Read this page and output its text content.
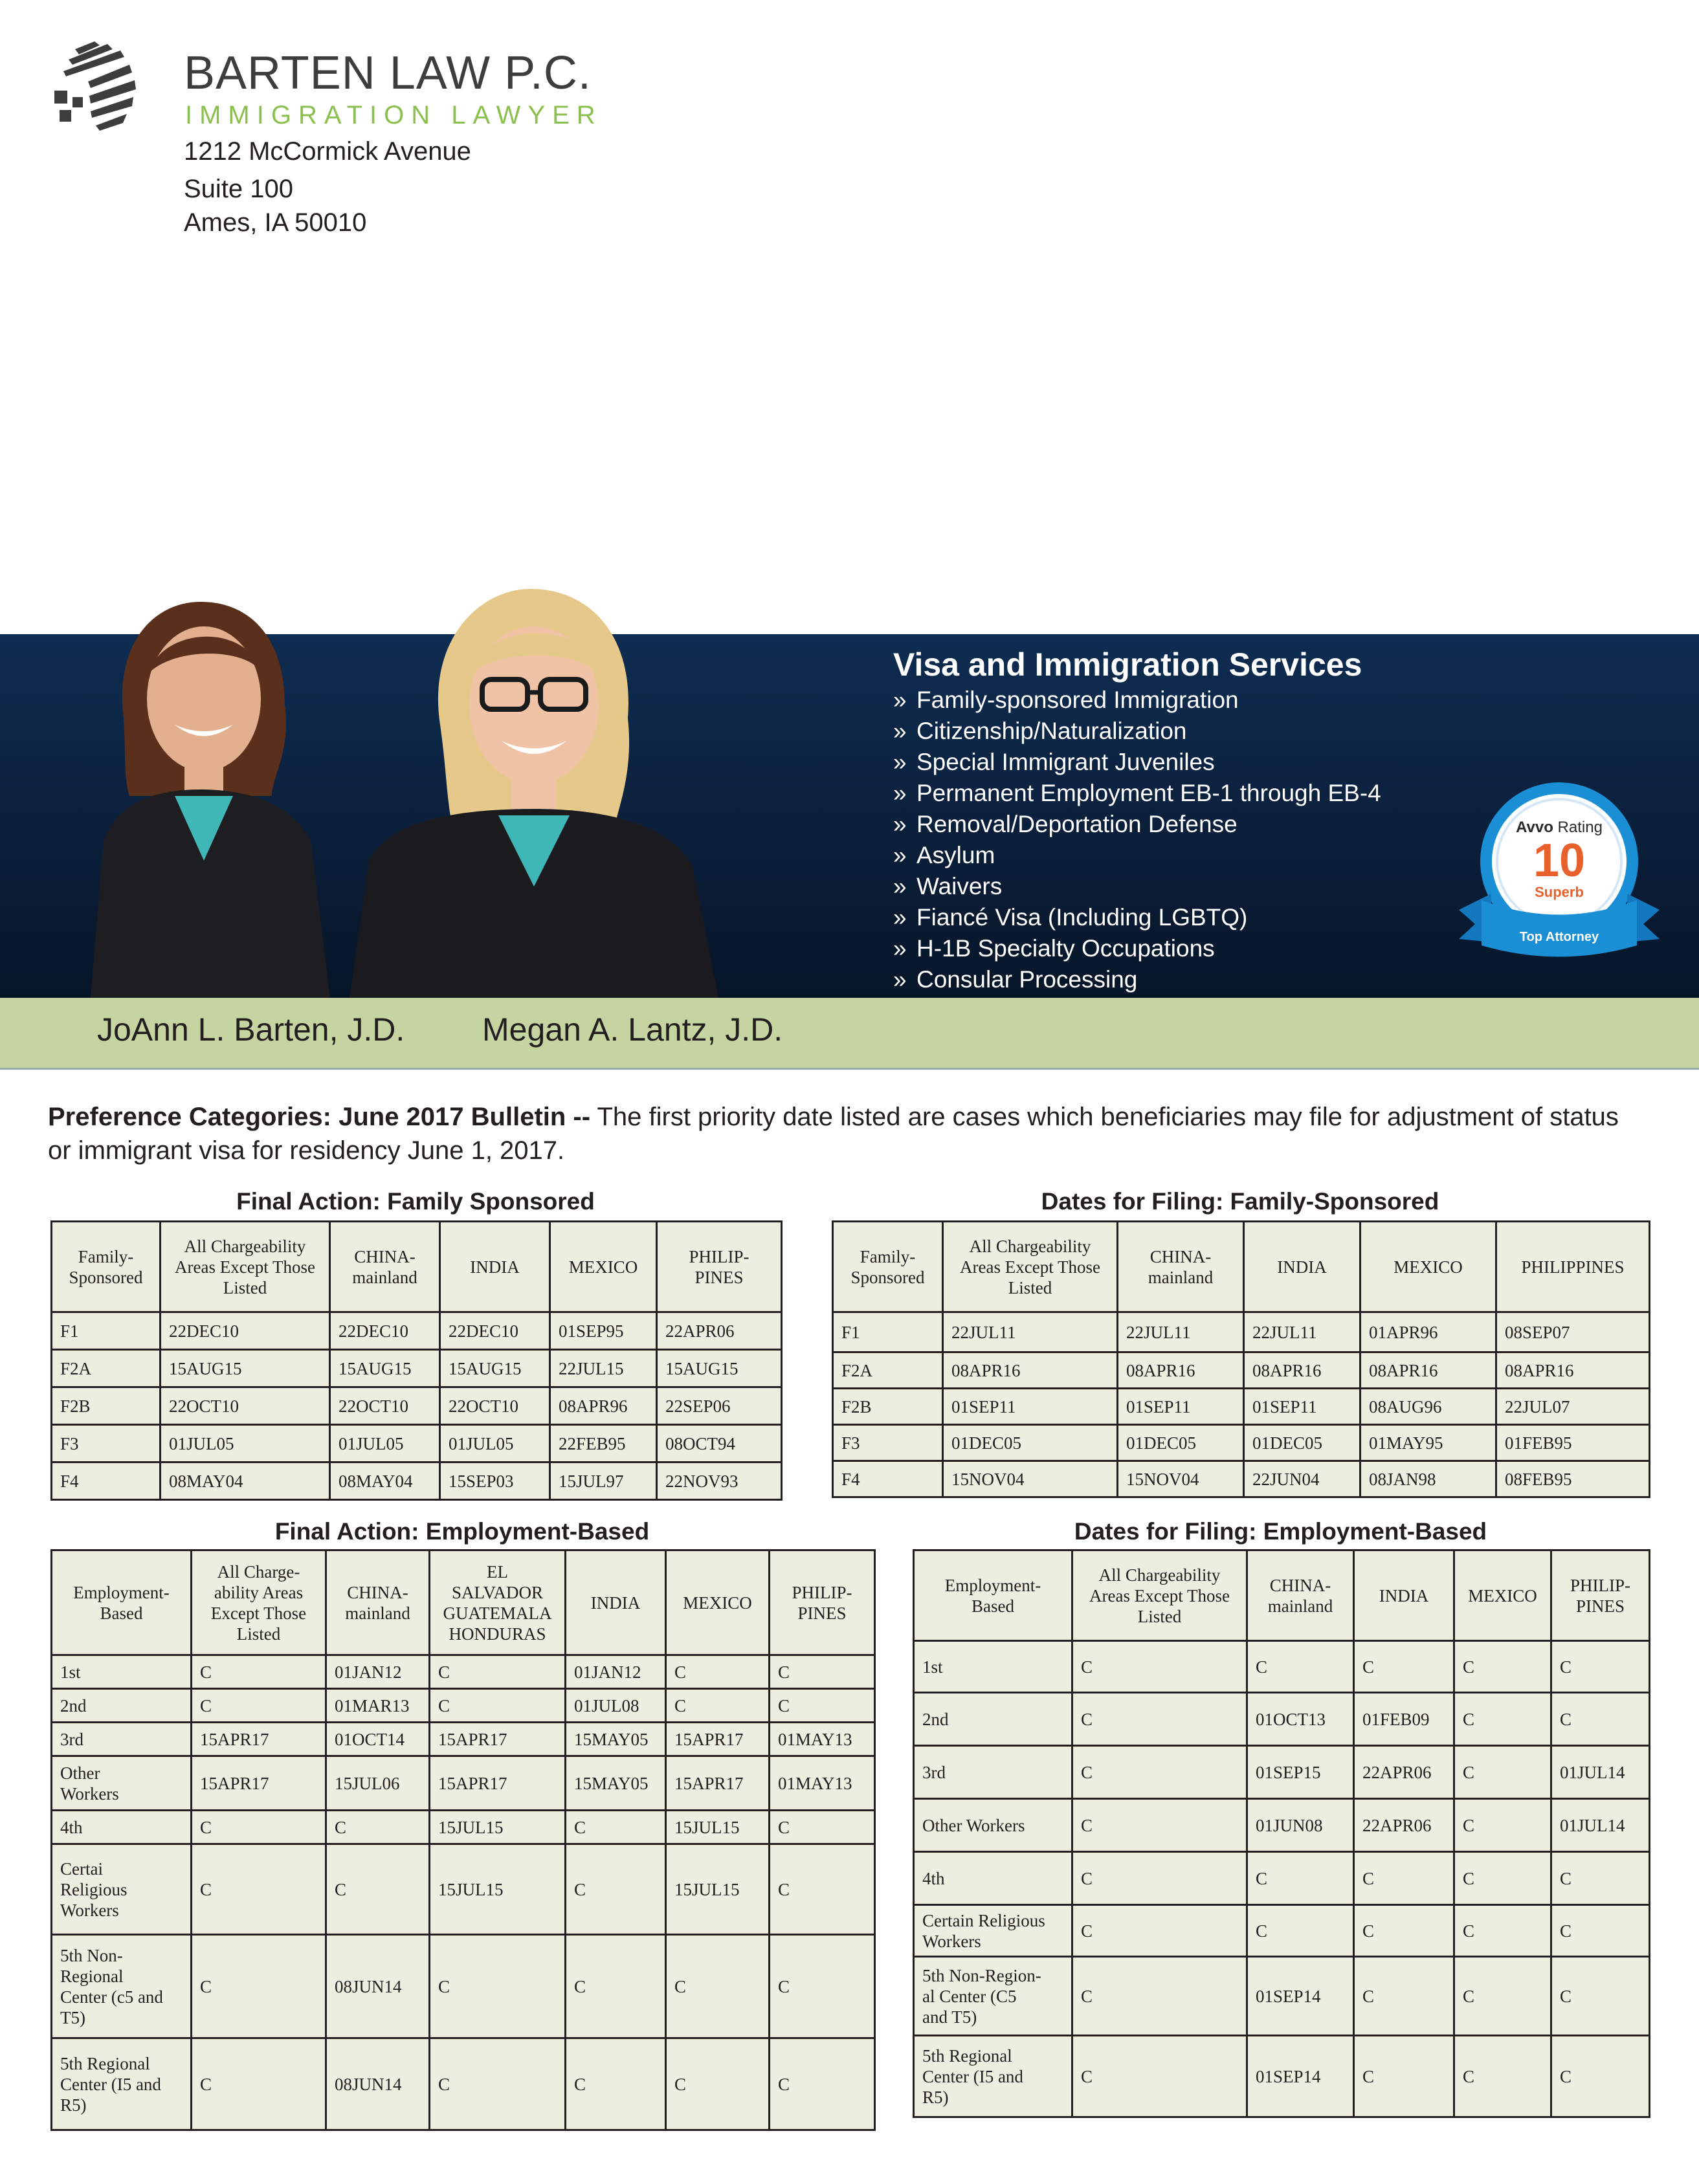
BARTEN LAW P.C.
IMMIGRATION LAWYER
1212 McCormick Avenue
Suite 100
Ames, IA 50010
Visa and Immigration Services
» Family-sponsored Immigration
» Citizenship/Naturalization
» Special Immigrant Juveniles
» Permanent Employment EB-1 through EB-4
» Removal/Deportation Defense
» Asylum
» Waivers
» Fiancé Visa (Including LGBTQ)
» H-1B Specialty Occupations
» Consular Processing
Avvo Rating
10
Superb
Top Attorney
JoAnn L. Barten, J.D. Megan A. Lantz, J.D.
Preference Categories: June 2017 Bulletin -- The first priority date listed are cases which beneficiaries may file for adjustment of status or immigrant visa for residency June 1, 2017.
Final Action: Family Sponsored
Family-
Sponsored	All Chargeability
Areas Except Those
Listed	CHINA-
mainland	INDIA	MEXICO	PHILIP-
PINES
F1	22DEC10	22DEC10	22DEC10	01SEP95	22APR06
F2A	15AUG15	15AUG15	15AUG15	22JUL15	15AUG15
F2B	22OCT10	22OCT10	22OCT10	08APR96	22SEP06
F3	01JUL05	01JUL05	01JUL05	22FEB95	08OCT94
F4	08MAY04	08MAY04	15SEP03	15JUL97	22NOV93
Dates for Filing: Family-Sponsored
Family-
Sponsored	All Chargeability
Areas Except Those
Listed	CHINA-
mainland	INDIA	MEXICO	PHILIPPINES
F1	22JUL11	22JUL11	22JUL11	01APR96	08SEP07
F2A	08APR16	08APR16	08APR16	08APR16	08APR16
F2B	01SEP11	01SEP11	01SEP11	08AUG96	22JUL07
F3	01DEC05	01DEC05	01DEC05	01MAY95	01FEB95
F4	15NOV04	15NOV04	22JUN04	08JAN98	08FEB95
Final Action: Employment-Based
Employment-
Based	All Charge-
ability Areas
Except Those
Listed	CHINA-
mainland	EL
SALVADOR
GUATEMALA
HONDURAS	INDIA	MEXICO	PHILIP-
PINES
1st	C	01JAN12	C	01JAN12	C	C
2nd	C	01MAR13	C	01JUL08	C	C
3rd	15APR17	01OCT14	15APR17	15MAY05	15APR17	01MAY13
Other
Workers	15APR17	15JUL06	15APR17	15MAY05	15APR17	01MAY13
4th	C	C	15JUL15	C	15JUL15	C
Certai
Religious
Workers	C	C	15JUL15	C	15JUL15	C
5th Non-
Regional
Center (c5 and
T5)	C	08JUN14	C	C	C	C
5th Regional
Center (I5 and
R5)	C	08JUN14	C	C	C	C
Dates for Filing: Employment-Based
Employment-
Based	All Chargeability
Areas Except Those
Listed	CHINA-
mainland	INDIA	MEXICO	PHILIP-
PINES
1st	C	C	C	C	C
2nd	C	01OCT13	01FEB09	C	C
3rd	C	01SEP15	22APR06	C	01JUL14
Other Workers	C	01JUN08	22APR06	C	01JUL14
4th	C	C	C	C	C
Certain Religious
Workers	C	C	C	C	C
5th Non-Region-
al Center (C5
and T5)	C	01SEP14	C	C	C
5th Regional
Center (I5 and
R5)	C	01SEP14	C	C	C
